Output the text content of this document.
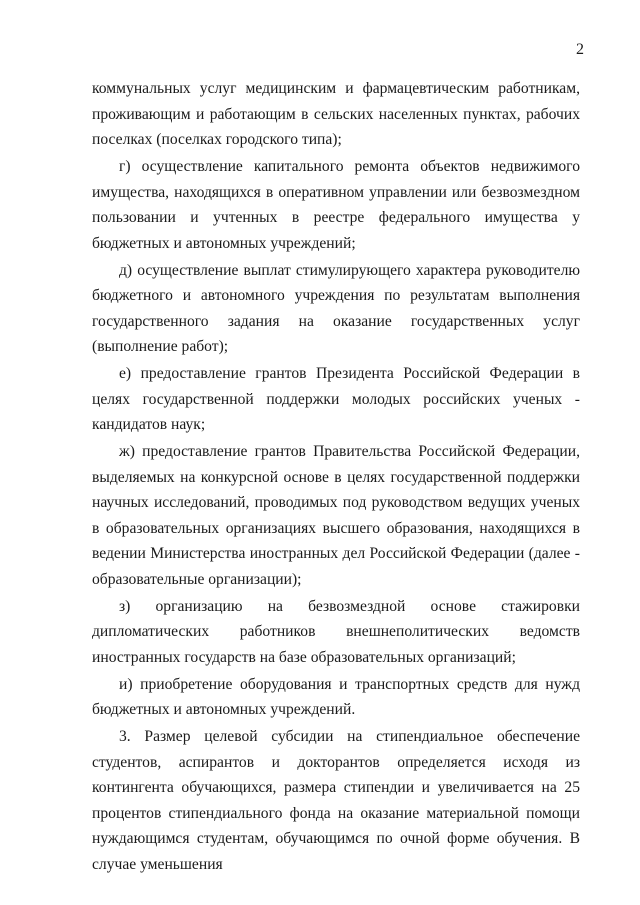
2

коммунальных услуг медицинским и фармацевтическим работникам, проживающим и работающим в сельских населенных пунктах, рабочих поселках (поселках городского типа);

г) осуществление капитального ремонта объектов недвижимого имущества, находящихся в оперативном управлении или безвозмездном пользовании и учтенных в реестре федерального имущества у бюджетных и автономных учреждений;

д) осуществление выплат стимулирующего характера руководителю бюджетного и автономного учреждения по результатам выполнения государственного задания на оказание государственных услуг (выполнение работ);

е) предоставление грантов Президента Российской Федерации в целях государственной поддержки молодых российских ученых - кандидатов наук;

ж) предоставление грантов Правительства Российской Федерации, выделяемых на конкурсной основе в целях государственной поддержки научных исследований, проводимых под руководством ведущих ученых в образовательных организациях высшего образования, находящихся в ведении Министерства иностранных дел Российской Федерации (далее - образовательные организации);

з) организацию на безвозмездной основе стажировки дипломатических работников внешнеполитических ведомств иностранных государств на базе образовательных организаций;

и) приобретение оборудования и транспортных средств для нужд бюджетных и автономных учреждений.

3. Размер целевой субсидии на стипендиальное обеспечение студентов, аспирантов и докторантов определяется исходя из контингента обучающихся, размера стипендии и увеличивается на 25 процентов стипендиального фонда на оказание материальной помощи нуждающимся студентам, обучающимся по очной форме обучения. В случае уменьшения
